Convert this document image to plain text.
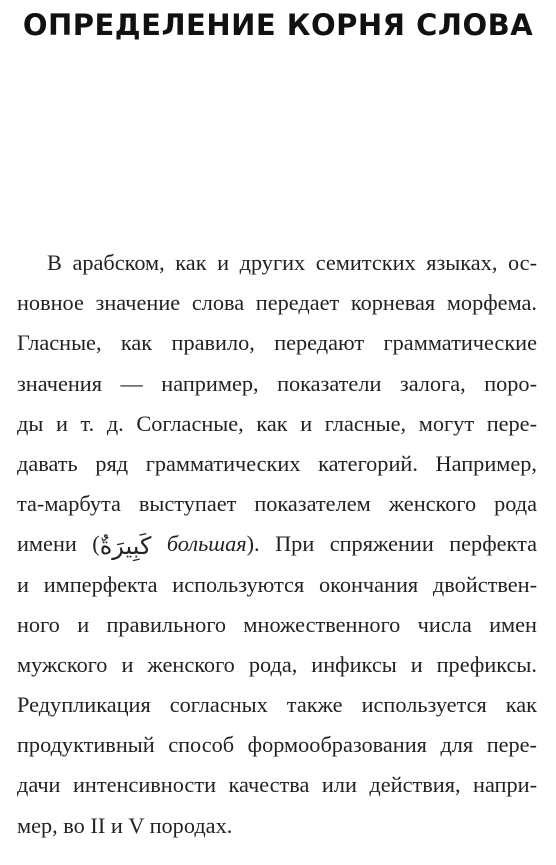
ОПРЕДЕЛЕНИЕ КОРНЯ СЛОВА
В арабском, как и других семитских языках, ос-
новное значение слова передает корневая морфема.
Гласные, как правило, передают грамматические
значения — например, показатели залога, поро-
ды и т. д. Согласные, как и гласные, могут пере-
давать ряд грамматических категорий. Например,
та-марбута выступает показателем женского рода
имени (كَبِيرَةٌ большая). При спряжении перфекта
и имперфекта используются окончания двойствен-
ного и правильного множественного числа имен
мужского и женского рода, инфиксы и префиксы.
Редупликация согласных также используется как
продуктивный способ формообразования для пере-
дачи интенсивности качества или действия, напри-
мер, во II и V породах.
